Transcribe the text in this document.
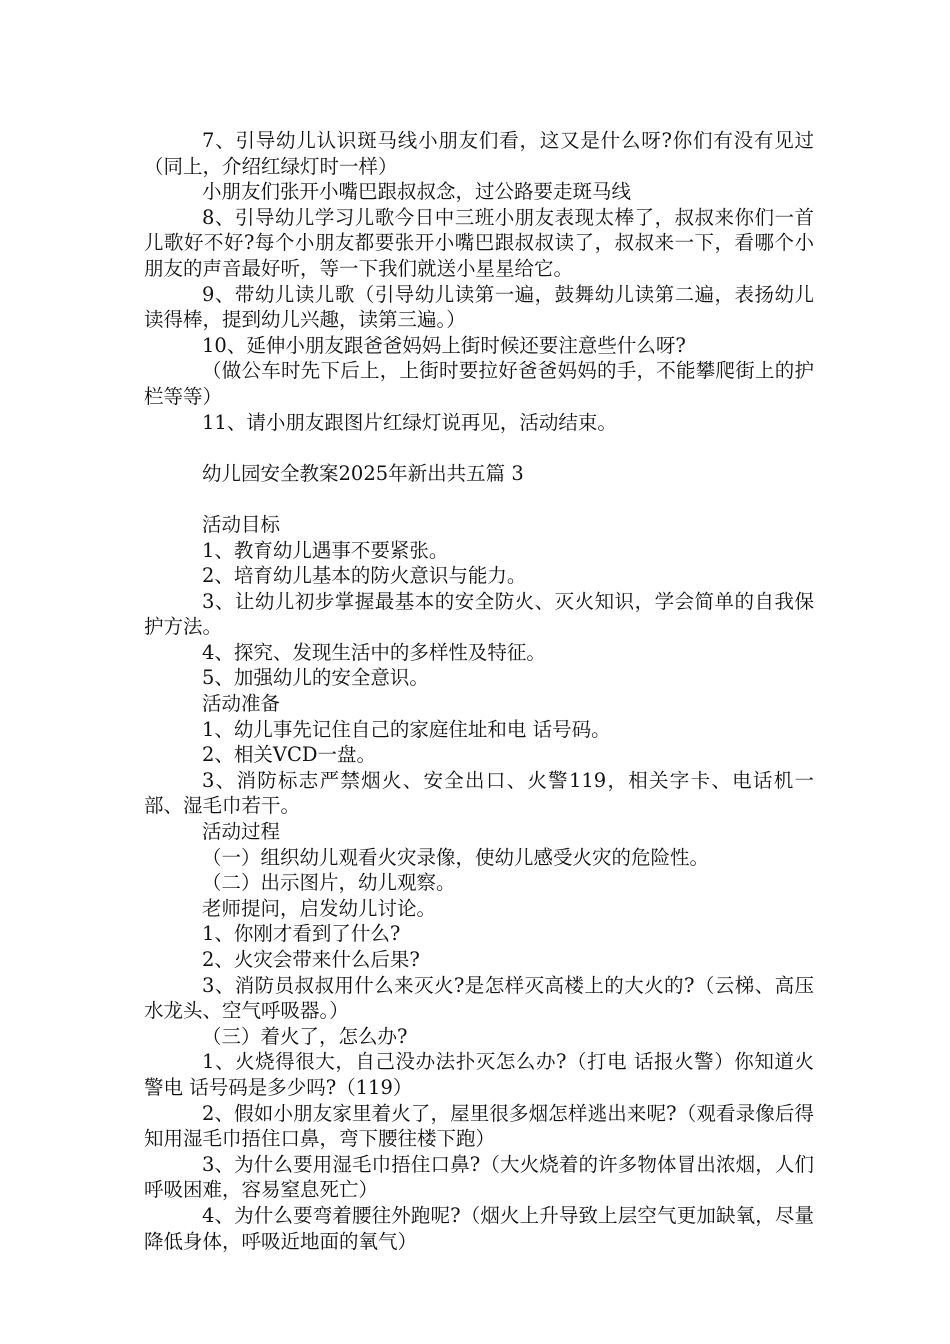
7、引导幼儿认识斑马线小朋友们看，这又是什么呀?你们有没有见过（同上，介绍红绿灯时一样）

小朋友们张开小嘴巴跟叔叔念，过公路要走斑马线

8、引导幼儿学习儿歌今日中三班小朋友表现太棒了，叔叔来你们一首儿歌好不好?每个小朋友都要张开小嘴巴跟叔叔读了，叔叔来一下，看哪个小朋友的声音最好听，等一下我们就送小星星给它。

9、带幼儿读儿歌（引导幼儿读第一遍，鼓舞幼儿读第二遍，表扬幼儿读得棒，提到幼儿兴趣，读第三遍。）

10、延伸小朋友跟爸爸妈妈上街时候还要注意些什么呀?

（做公车时先下后上，上街时要拉好爸爸妈妈的手，不能攀爬街上的护栏等等）

11、请小朋友跟图片红绿灯说再见，活动结束。

幼儿园安全教案2025年新出共五篇 3

活动目标

1、教育幼儿遇事不要紧张。

2、培育幼儿基本的防火意识与能力。

3、让幼儿初步掌握最基本的安全防火、灭火知识，学会简单的自我保护方法。

4、探究、发现生活中的多样性及特征。

5、加强幼儿的安全意识。

活动准备

1、幼儿事先记住自己的家庭住址和电 话号码。

2、相关VCD一盘。

3、消防标志严禁烟火、安全出口、火警119，相关字卡、电话机一部、湿毛巾若干。

活动过程

（一）组织幼儿观看火灾录像，使幼儿感受火灾的危险性。

（二）出示图片，幼儿观察。

老师提问，启发幼儿讨论。

1、你刚才看到了什么?

2、火灾会带来什么后果?

3、消防员叔叔用什么来灭火?是怎样灭高楼上的大火的?（云梯、高压水龙头、空气呼吸器。）

（三）着火了，怎么办?

1、火烧得很大，自己没办法扑灭怎么办?（打电 话报火警）你知道火警电 话号码是多少吗?（119）

2、假如小朋友家里着火了，屋里很多烟怎样逃出来呢?（观看录像后得知用湿毛巾捂住口鼻，弯下腰往楼下跑）

3、为什么要用湿毛巾捂住口鼻?（大火烧着的许多物体冒出浓烟，人们呼吸困难，容易窒息死亡）

4、为什么要弯着腰往外跑呢?（烟火上升导致上层空气更加缺氧，尽量降低身体，呼吸近地面的氧气）
